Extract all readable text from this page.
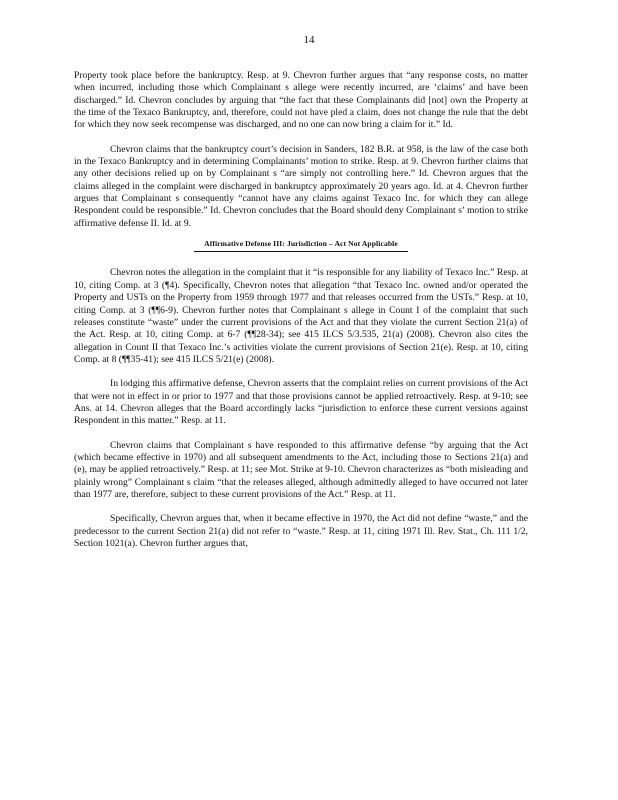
14

Property took place before the bankruptcy. Resp. at 9. Chevron further argues that “any response costs, no matter when incurred, including those which Complainant s allege were recently incurred, are ‘claims’ and have been discharged.” Id. Chevron concludes by arguing that “the fact that these Complainants did [not] own the Property at the time of the Texaco Bankruptcy, and, therefore, could not have pled a claim, does not change the rule that the debt for which they now seek recompense was discharged, and no one can now bring a claim for it.” Id.

Chevron claims that the bankruptcy court’s decision in Sanders, 182 B.R. at 958, is the law of the case both in the Texaco Bankruptcy and in determining Complainants’ motion to strike. Resp. at 9. Chevron further claims that any other decisions relied up on by Complainant s “are simply not controlling here.” Id. Chevron argues that the claims alleged in the complaint were discharged in bankruptcy approximately 20 years ago. Id. at 4. Chevron further argues that Complainant s consequently “cannot have any claims against Texaco Inc. for which they can allege Respondent could be responsible.” Id. Chevron concludes that the Board should deny Complainant s’ motion to strike affirmative defense II. Id. at 9.

Affirmative Defense III: Jurisdiction – Act Not Applicable

Chevron notes the allegation in the complaint that it “is responsible for any liability of Texaco Inc.” Resp. at 10, citing Comp. at 3 (¶4). Specifically, Chevron notes that allegation “that Texaco Inc. owned and/or operated the Property and USTs on the Property from 1959 through 1977 and that releases occurred from the USTs.” Resp. at 10, citing Comp. at 3 (¶¶6-9). Chevron further notes that Complainant s allege in Count I of the complaint that such releases constitute “waste” under the current provisions of the Act and that they violate the current Section 21(a) of the Act. Resp. at 10, citing Comp. at 6-7 (¶¶28-34); see 415 ILCS 5/3.535, 21(a) (2008). Chevron also cites the allegation in Count II that Texaco Inc.’s activities violate the current provisions of Section 21(e). Resp. at 10, citing Comp. at 8 (¶¶35-41); see 415 ILCS 5/21(e) (2008).

In lodging this affirmative defense, Chevron asserts that the complaint relies on current provisions of the Act that were not in effect in or prior to 1977 and that those provisions cannot be applied retroactively. Resp. at 9-10; see Ans. at 14. Chevron alleges that the Board accordingly lacks “jurisdiction to enforce these current versions against Respondent in this matter.” Resp. at 11.

Chevron claims that Complainant s have responded to this affirmative defense “by arguing that the Act (which became effective in 1970) and all subsequent amendments to the Act, including those to Sections 21(a) and (e), may be applied retroactively.” Resp. at 11; see Mot. Strike at 9-10. Chevron characterizes as “both misleading and plainly wrong” Complainant s claim “that the releases alleged, although admittedly alleged to have occurred not later than 1977 are, therefore, subject to these current provisions of the Act.” Resp. at 11.

Specifically, Chevron argues that, when it became effective in 1970, the Act did not define “waste,” and the predecessor to the current Section 21(a) did not refer to “waste.” Resp. at 11, citing 1971 Ill. Rev. Stat., Ch. 111 1/2, Section 1021(a). Chevron further argues that,
